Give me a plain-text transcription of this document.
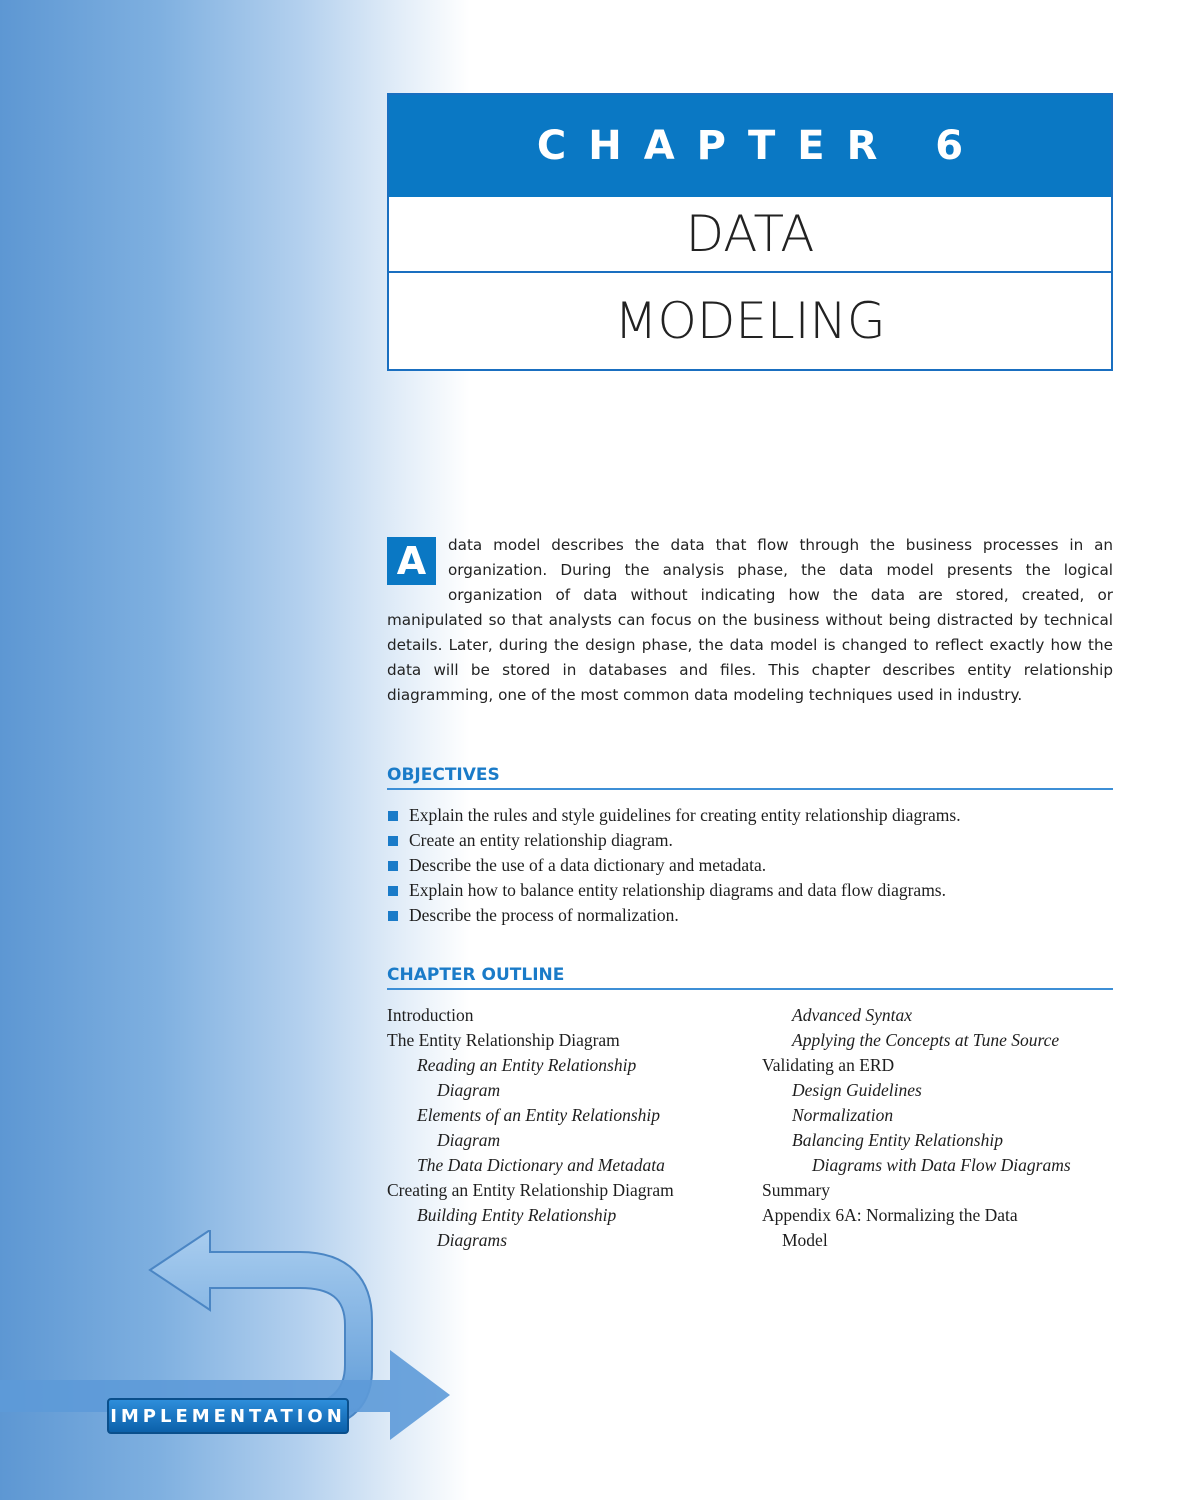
CHAPTER 6
DATA
MODELING
A	data model describes the data that flow through the business processes in an organization. During the analysis phase, the data model presents the logical organization of data without indicating how the data are stored, created, or manipulated so that analysts can focus on the business without being distracted by technical details. Later, during the design phase, the data model is changed to reflect exactly how the data will be stored in databases and files. This chapter describes entity relationship diagramming, one of the most common data modeling techniques used in industry.
OBJECTIVES
Explain the rules and style guidelines for creating entity relationship diagrams.
Create an entity relationship diagram.
Describe the use of a data dictionary and metadata.
Explain how to balance entity relationship diagrams and data flow diagrams.
Describe the process of normalization.
CHAPTER OUTLINE
Introduction
The Entity Relationship Diagram
Reading an Entity Relationship
Diagram
Elements of an Entity Relationship
Diagram
The Data Dictionary and Metadata
Creating an Entity Relationship Diagram
Building Entity Relationship
Diagrams
Advanced Syntax
Applying the Concepts at Tune Source
Validating an ERD
Design Guidelines
Normalization
Balancing Entity Relationship
Diagrams with Data Flow Diagrams
Summary
Appendix 6A: Normalizing the Data
Model
IMPLEMENTATION
